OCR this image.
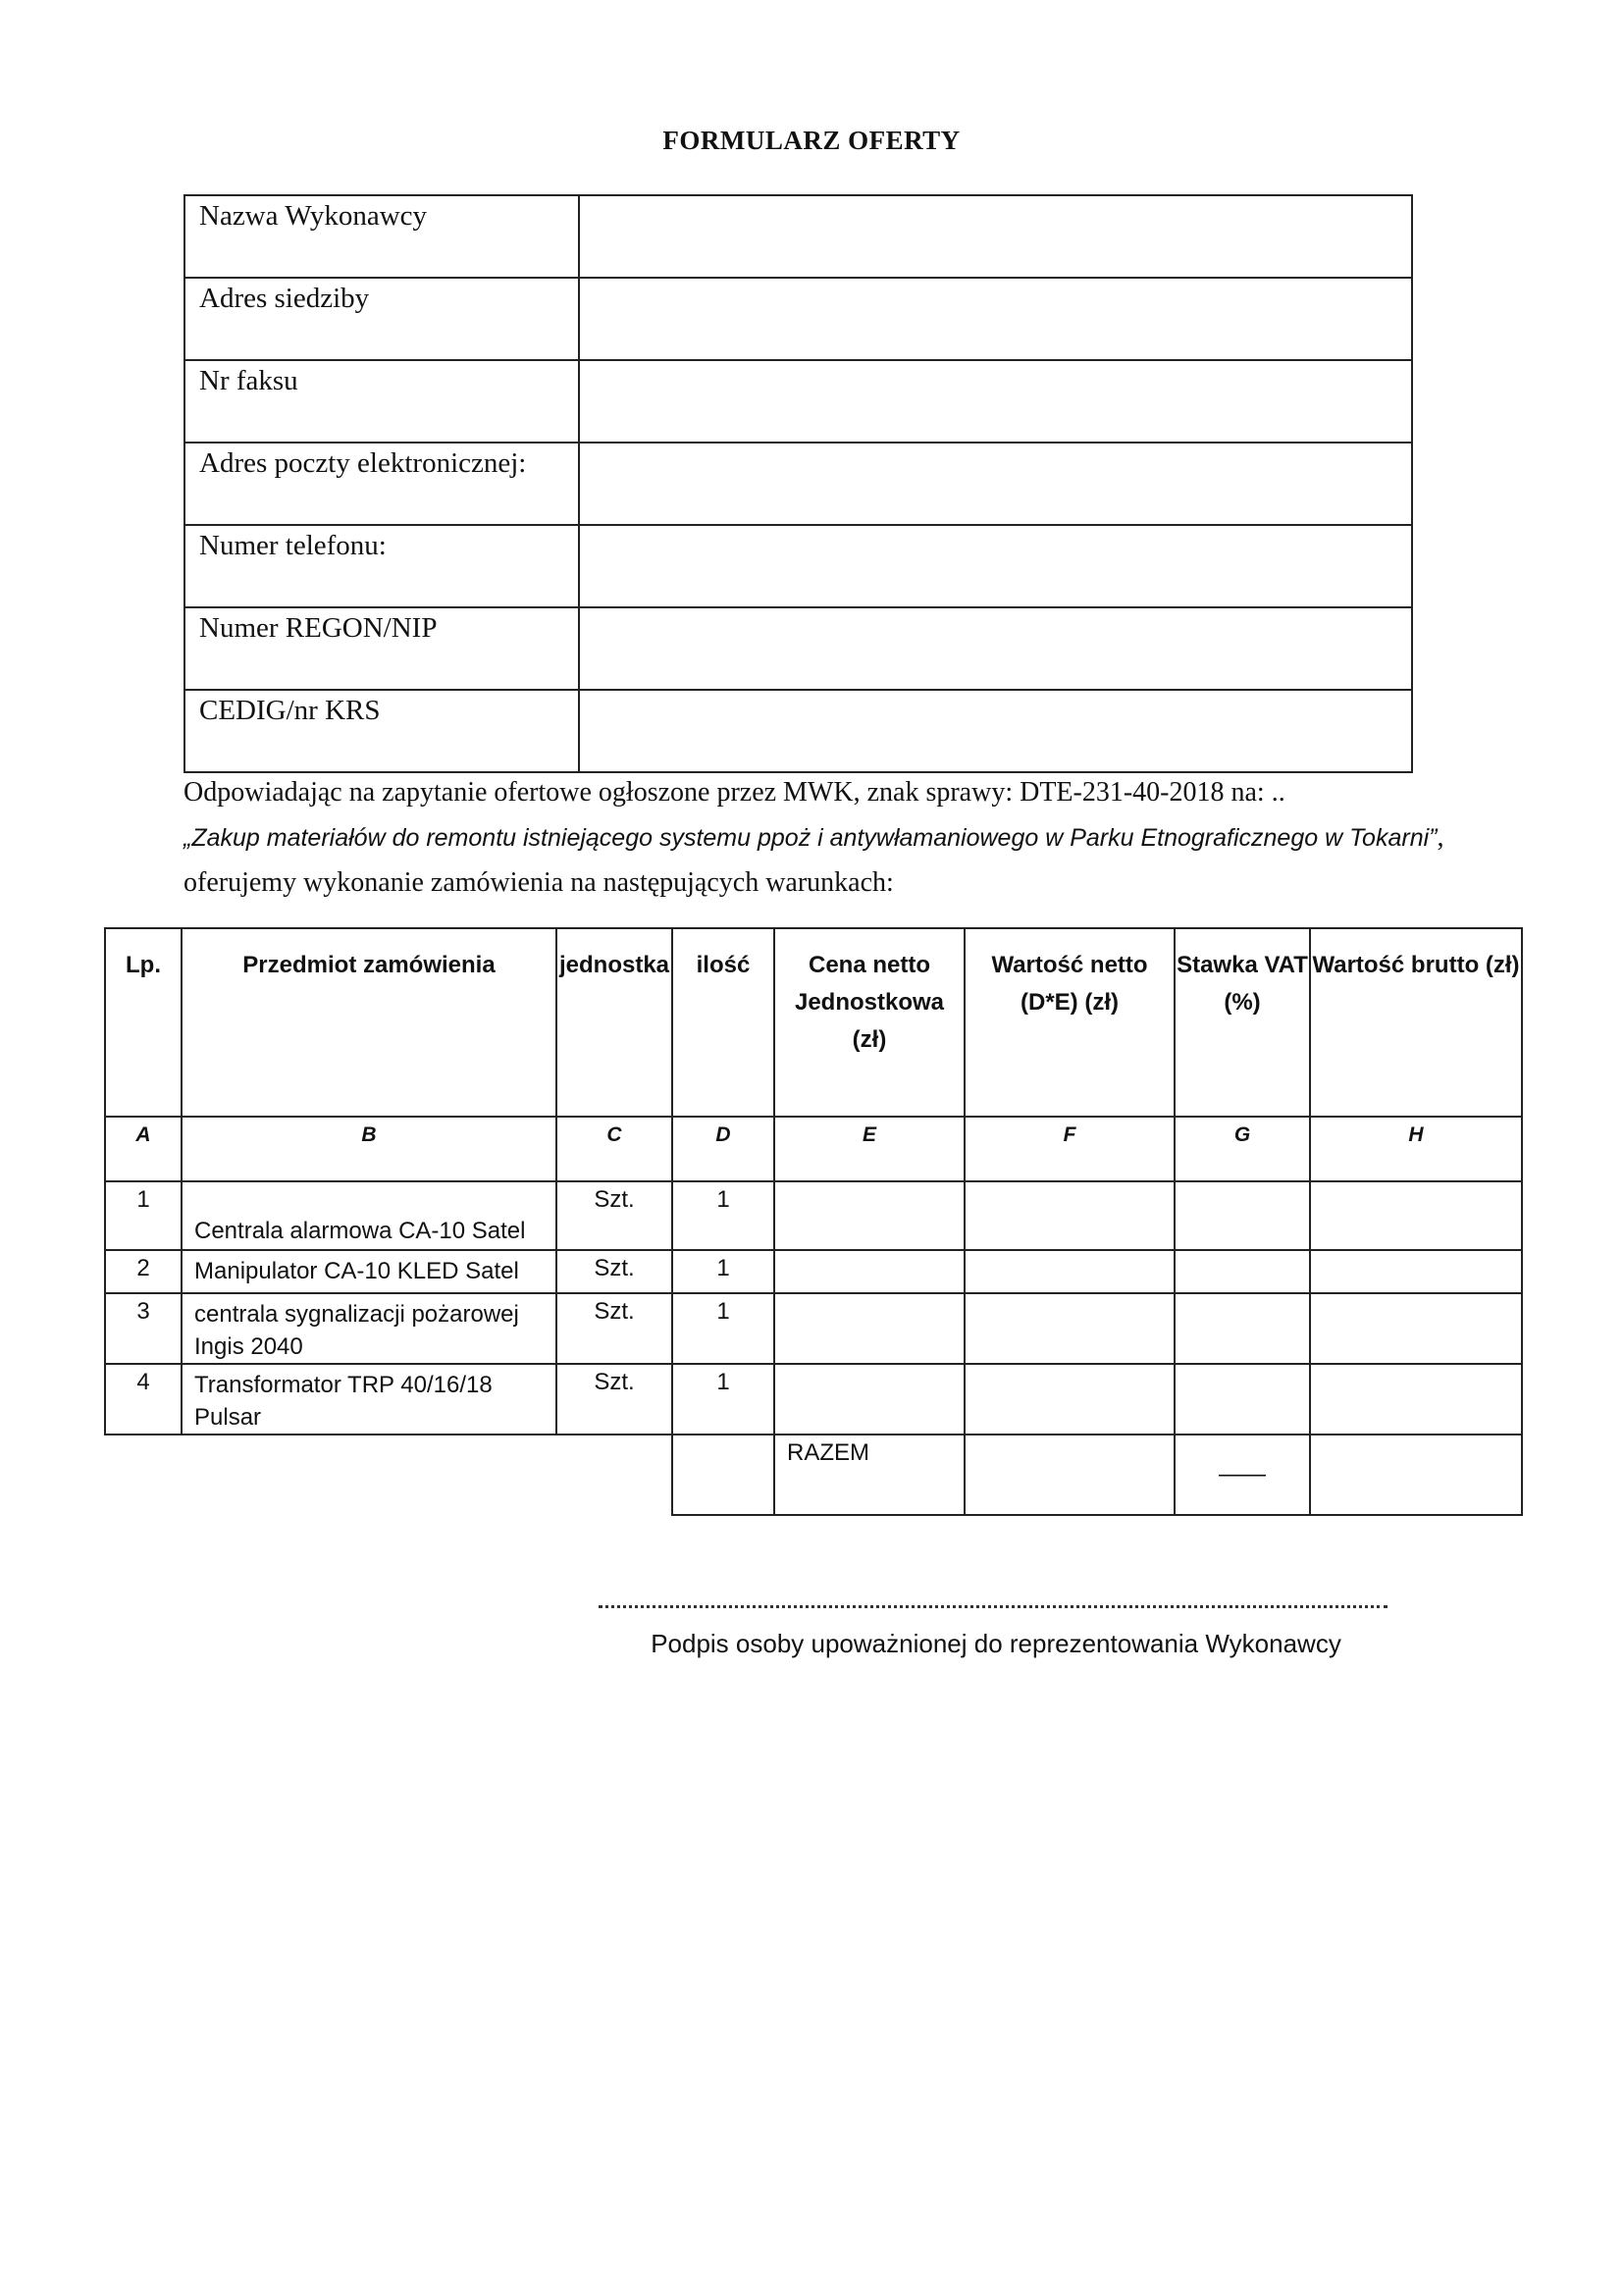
FORMULARZ OFERTY
Nazwa Wykonawcy	
Adres siedziby	
Nr faksu	
Adres poczty elektronicznej:	
Numer telefonu:	
Numer REGON/NIP	
CEDIG/nr KRS	
Odpowiadając na zapytanie ofertowe ogłoszone przez MWK, znak sprawy: DTE-231-40-2018 na: ..
„Zakup materiałów do remontu istniejącego systemu ppoż i antywłamaniowego w Parku Etnograficznego w Tokarni”, oferujemy wykonanie zamówienia na następujących warunkach:
Lp.	Przedmiot zamówienia	jednostka	ilość	Cena netto Jednostkowa (zł)	Wartość netto (D*E) (zł)	Stawka VAT (%)	Wartość brutto (zł)
A	B	C	D	E	F	G	H
1	Centrala alarmowa CA-10 Satel	Szt.	1				
2	Manipulator CA-10 KLED Satel	Szt.	1				
3	centrala sygnalizacji pożarowej Ingis 2040	Szt.	1				
4	Transformator TRP 40/16/18 Pulsar	Szt.	1				
				RAZEM		——	
Podpis osoby upoważnionej do reprezentowania Wykonawcy
